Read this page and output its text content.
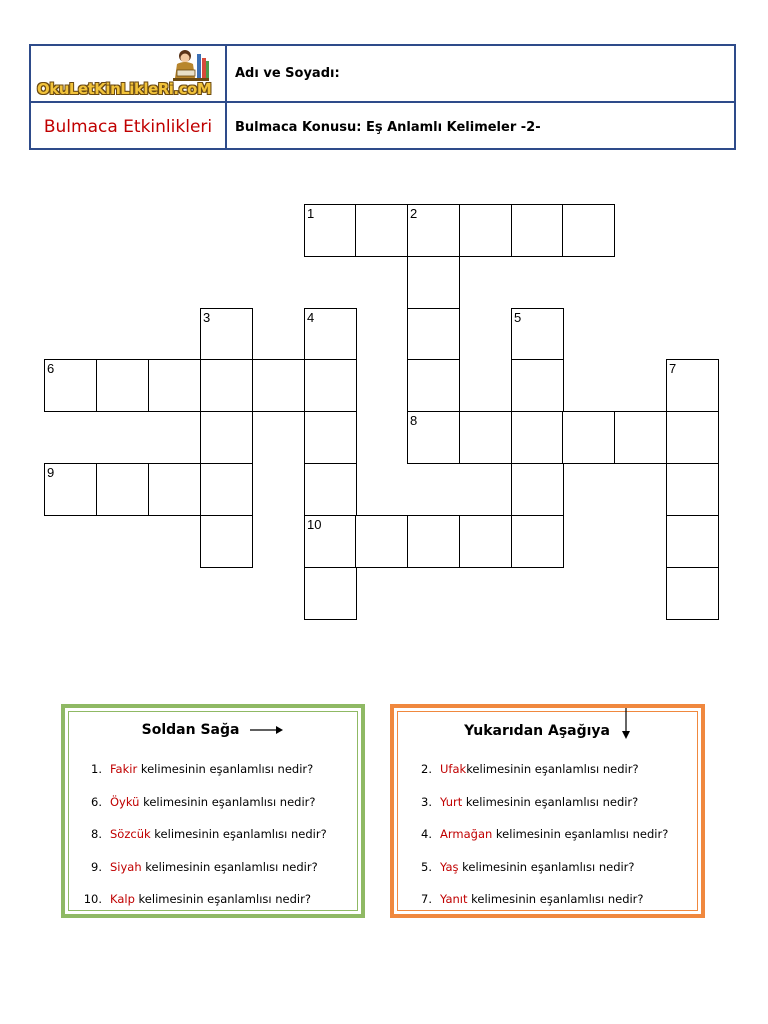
OkuLetKinLikleRi.coM
Bulmaca Etkinlikleri
Adı ve Soyadı:
Bulmaca Konusu: Eş Anlamlı Kelimeler -2-
1	2
3	4	5
6	7
8
9
10
Soldan Sağa
1. Fakir kelimesinin eşanlamlısı nedir?
6. Öykü kelimesinin eşanlamlısı nedir?
8. Sözcük kelimesinin eşanlamlısı nedir?
9. Siyah kelimesinin eşanlamlısı nedir?
10. Kalp kelimesinin eşanlamlısı nedir?
Yukarıdan Aşağıya
2. Ufakkelimesinin eşanlamlısı nedir?
3. Yurt kelimesinin eşanlamlısı nedir?
4. Armağan kelimesinin eşanlamlısı nedir?
5. Yaş kelimesinin eşanlamlısı nedir?
7. Yanıt kelimesinin eşanlamlısı nedir?
